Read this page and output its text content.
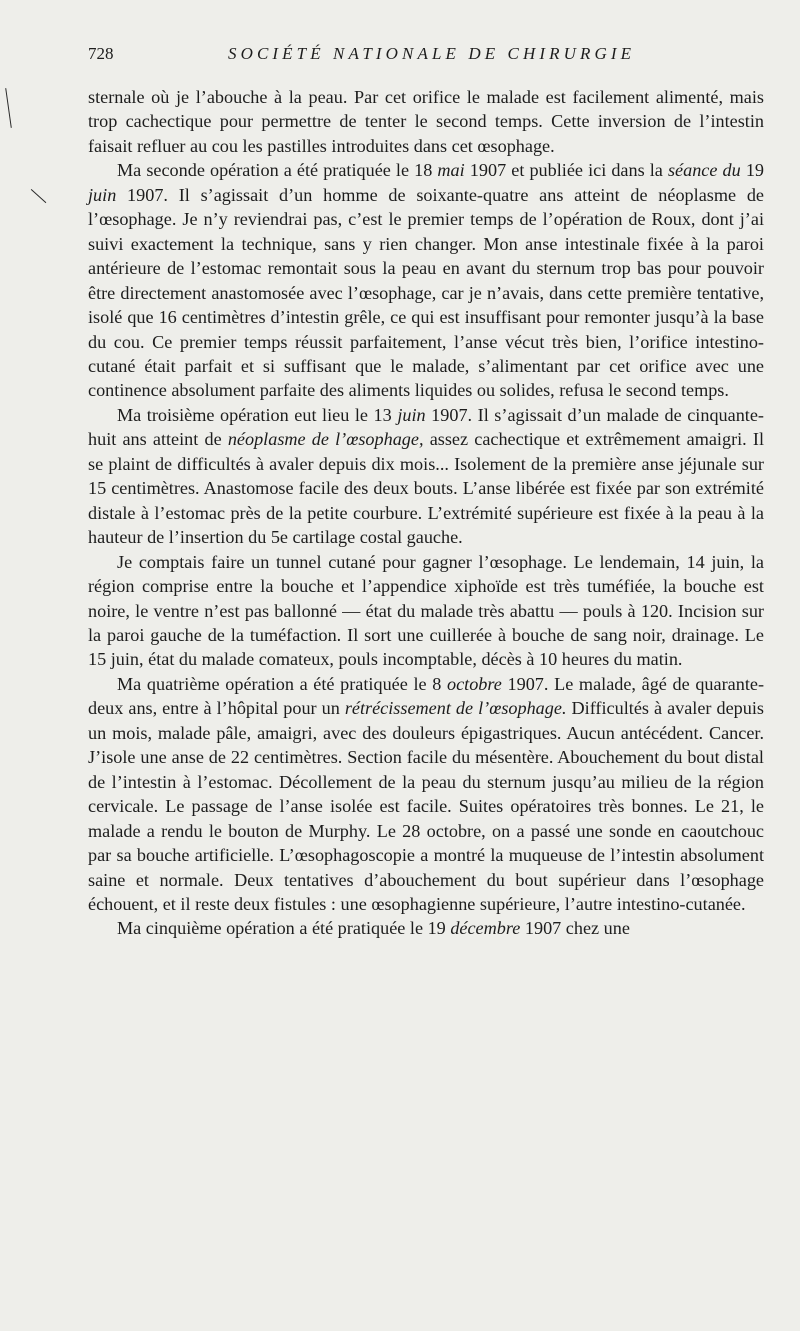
728	SOCIÉTÉ NATIONALE DE CHIRURGIE

sternale où je l’abouche à la peau. Par cet orifice le malade est facilement alimenté, mais trop cachectique pour permettre de tenter le second temps. Cette inversion de l’intestin faisait refluer au cou les pastilles introduites dans cet œsophage.

Ma seconde opération a été pratiquée le 18 mai 1907 et publiée ici dans la séance du 19 juin 1907. Il s’agissait d’un homme de soixante-quatre ans atteint de néoplasme de l’œsophage. Je n’y reviendrai pas, c’est le premier temps de l’opération de Roux, dont j’ai suivi exactement la technique, sans y rien changer. Mon anse intestinale fixée à la paroi antérieure de l’estomac remontait sous la peau en avant du sternum trop bas pour pouvoir être directement anastomosée avec l’œsophage, car je n’avais, dans cette première tentative, isolé que 16 centimètres d’intestin grêle, ce qui est insuffisant pour remonter jusqu’à la base du cou. Ce premier temps réussit parfaitement, l’anse vécut très bien, l’orifice intestino-cutané était parfait et si suffisant que le malade, s’alimentant par cet orifice avec une continence absolument parfaite des aliments liquides ou solides, refusa le second temps.

Ma troisième opération eut lieu le 13 juin 1907. Il s’agissait d’un malade de cinquante-huit ans atteint de néoplasme de l’œsophage, assez cachectique et extrêmement amaigri. Il se plaint de difficultés à avaler depuis dix mois... Isolement de la première anse jéjunale sur 15 centimètres. Anastomose facile des deux bouts. L’anse libérée est fixée par son extrémité distale à l’estomac près de la petite courbure. L’extrémité supérieure est fixée à la peau à la hauteur de l’insertion du 5e cartilage costal gauche.

Je comptais faire un tunnel cutané pour gagner l’œsophage. Le lendemain, 14 juin, la région comprise entre la bouche et l’appendice xiphoïde est très tuméfiée, la bouche est noire, le ventre n’est pas ballonné — état du malade très abattu — pouls à 120. Incision sur la paroi gauche de la tuméfaction. Il sort une cuillerée à bouche de sang noir, drainage. Le 15 juin, état du malade comateux, pouls incomptable, décès à 10 heures du matin.

Ma quatrième opération a été pratiquée le 8 octobre 1907. Le malade, âgé de quarante-deux ans, entre à l’hôpital pour un rétrécissement de l’œsophage. Difficultés à avaler depuis un mois, malade pâle, amaigri, avec des douleurs épigastriques. Aucun antécédent. Cancer. J’isole une anse de 22 centimètres. Section facile du mésentère. Abouchement du bout distal de l’intestin à l’estomac. Décollement de la peau du sternum jusqu’au milieu de la région cervicale. Le passage de l’anse isolée est facile. Suites opératoires très bonnes. Le 21, le malade a rendu le bouton de Murphy. Le 28 octobre, on a passé une sonde en caoutchouc par sa bouche artificielle. L’œsophagoscopie a montré la muqueuse de l’intestin absolument saine et normale. Deux tentatives d’abouchement du bout supérieur dans l’œsophage échouent, et il reste deux fistules : une œsophagienne supérieure, l’autre intestino-cutanée.

Ma cinquième opération a été pratiquée le 19 décembre 1907 chez une
